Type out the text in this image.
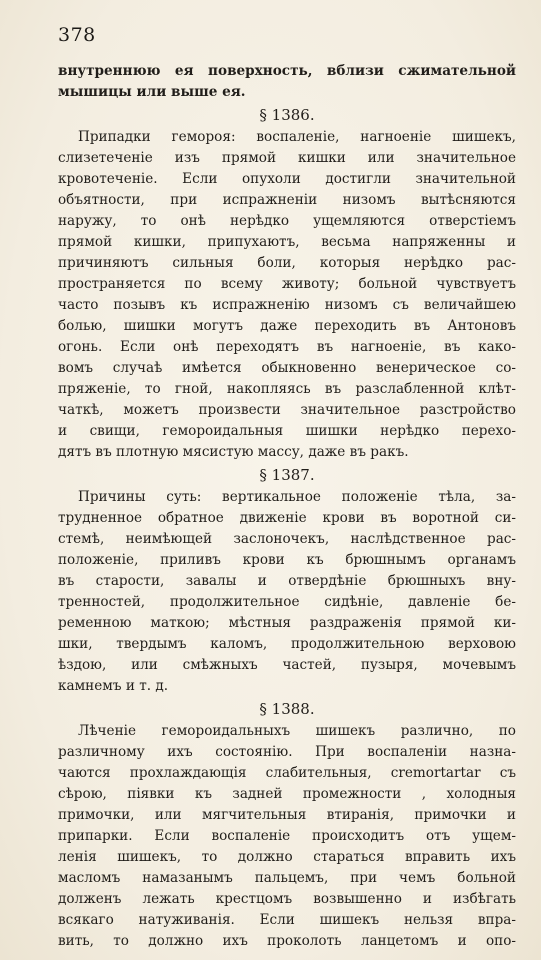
378
внутреннюю ея поверхность, вблизи сжимательной
мышицы или выше ея.
§ 1386.
Припадки геморoя: воспаленіе, нагноеніе шишекъ,
слизетеченіе изъ прямой кишки или значительное
кровотеченіе. Если опухоли достигли значительной
объятности, при испражненіи низомъ вытѣсняются
наружу, то онѣ нерѣдко ущемляются отверстіемъ
прямой кишки, припухаютъ, весьма напряженны и
причиняютъ сильныя боли, которыя нерѣдко рас-
пространяется по всему животу; больной чувствуетъ
часто позывъ къ испражненію низомъ съ величайшею
болью, шишки могутъ даже переходить въ Антоновъ
огонь. Если онѣ переходятъ въ нагноеніе, въ како-
вомъ случаѣ имѣется обыкновенно венерическое со-
пряженіе, то гной, накопляясь въ разслабленной клѣт-
чаткѣ, можетъ произвести значительное разстройство
и свищи, геморoидальныя шишки нерѣдко перехо-
дятъ въ плотную мясистую массу, даже въ ракъ.
§ 1387.
Причины суть: вертикальное положеніе тѣла, за-
трудненное обратное движеніе крови въ воротной си-
стемѣ, неимѣющей заслоночекъ, наслѣдственное рас-
положеніе, приливъ крови къ брюшнымъ органамъ
въ старости, завалы и отвердѣніе брюшныхъ вну-
тренностей, продолжительное сидѣніе, давленіе бе-
ременною маткою; мѣстныя раздраженія прямой ки-
шки, твердымъ каломъ, продолжительною верховою
ѣздою, или смѣжныхъ частей, пузыря, мочевымъ
камнемъ и т. д.
§ 1388.
Лѣченіе геморoидальныхъ шишекъ различно, по
различному ихъ состоянію. При воспаленіи назна-
чаются прохлаждающія слабительныя, cremortartar съ
сѣрою, піявки къ задней промежности , холодныя
примочки, или мягчительныя втиранія, примочки и
припарки. Если воспаленіе происходитъ отъ ущем-
ленія шишекъ, то должно стараться вправить ихъ
масломъ намазанымъ пальцемъ, при чемъ больной
долженъ лежать крестцомъ возвышенно и избѣгать
всякаго натуживанія. Если шишекъ нельзя впра-
вить, то должно ихъ проколоть ланцетомъ и опо-
